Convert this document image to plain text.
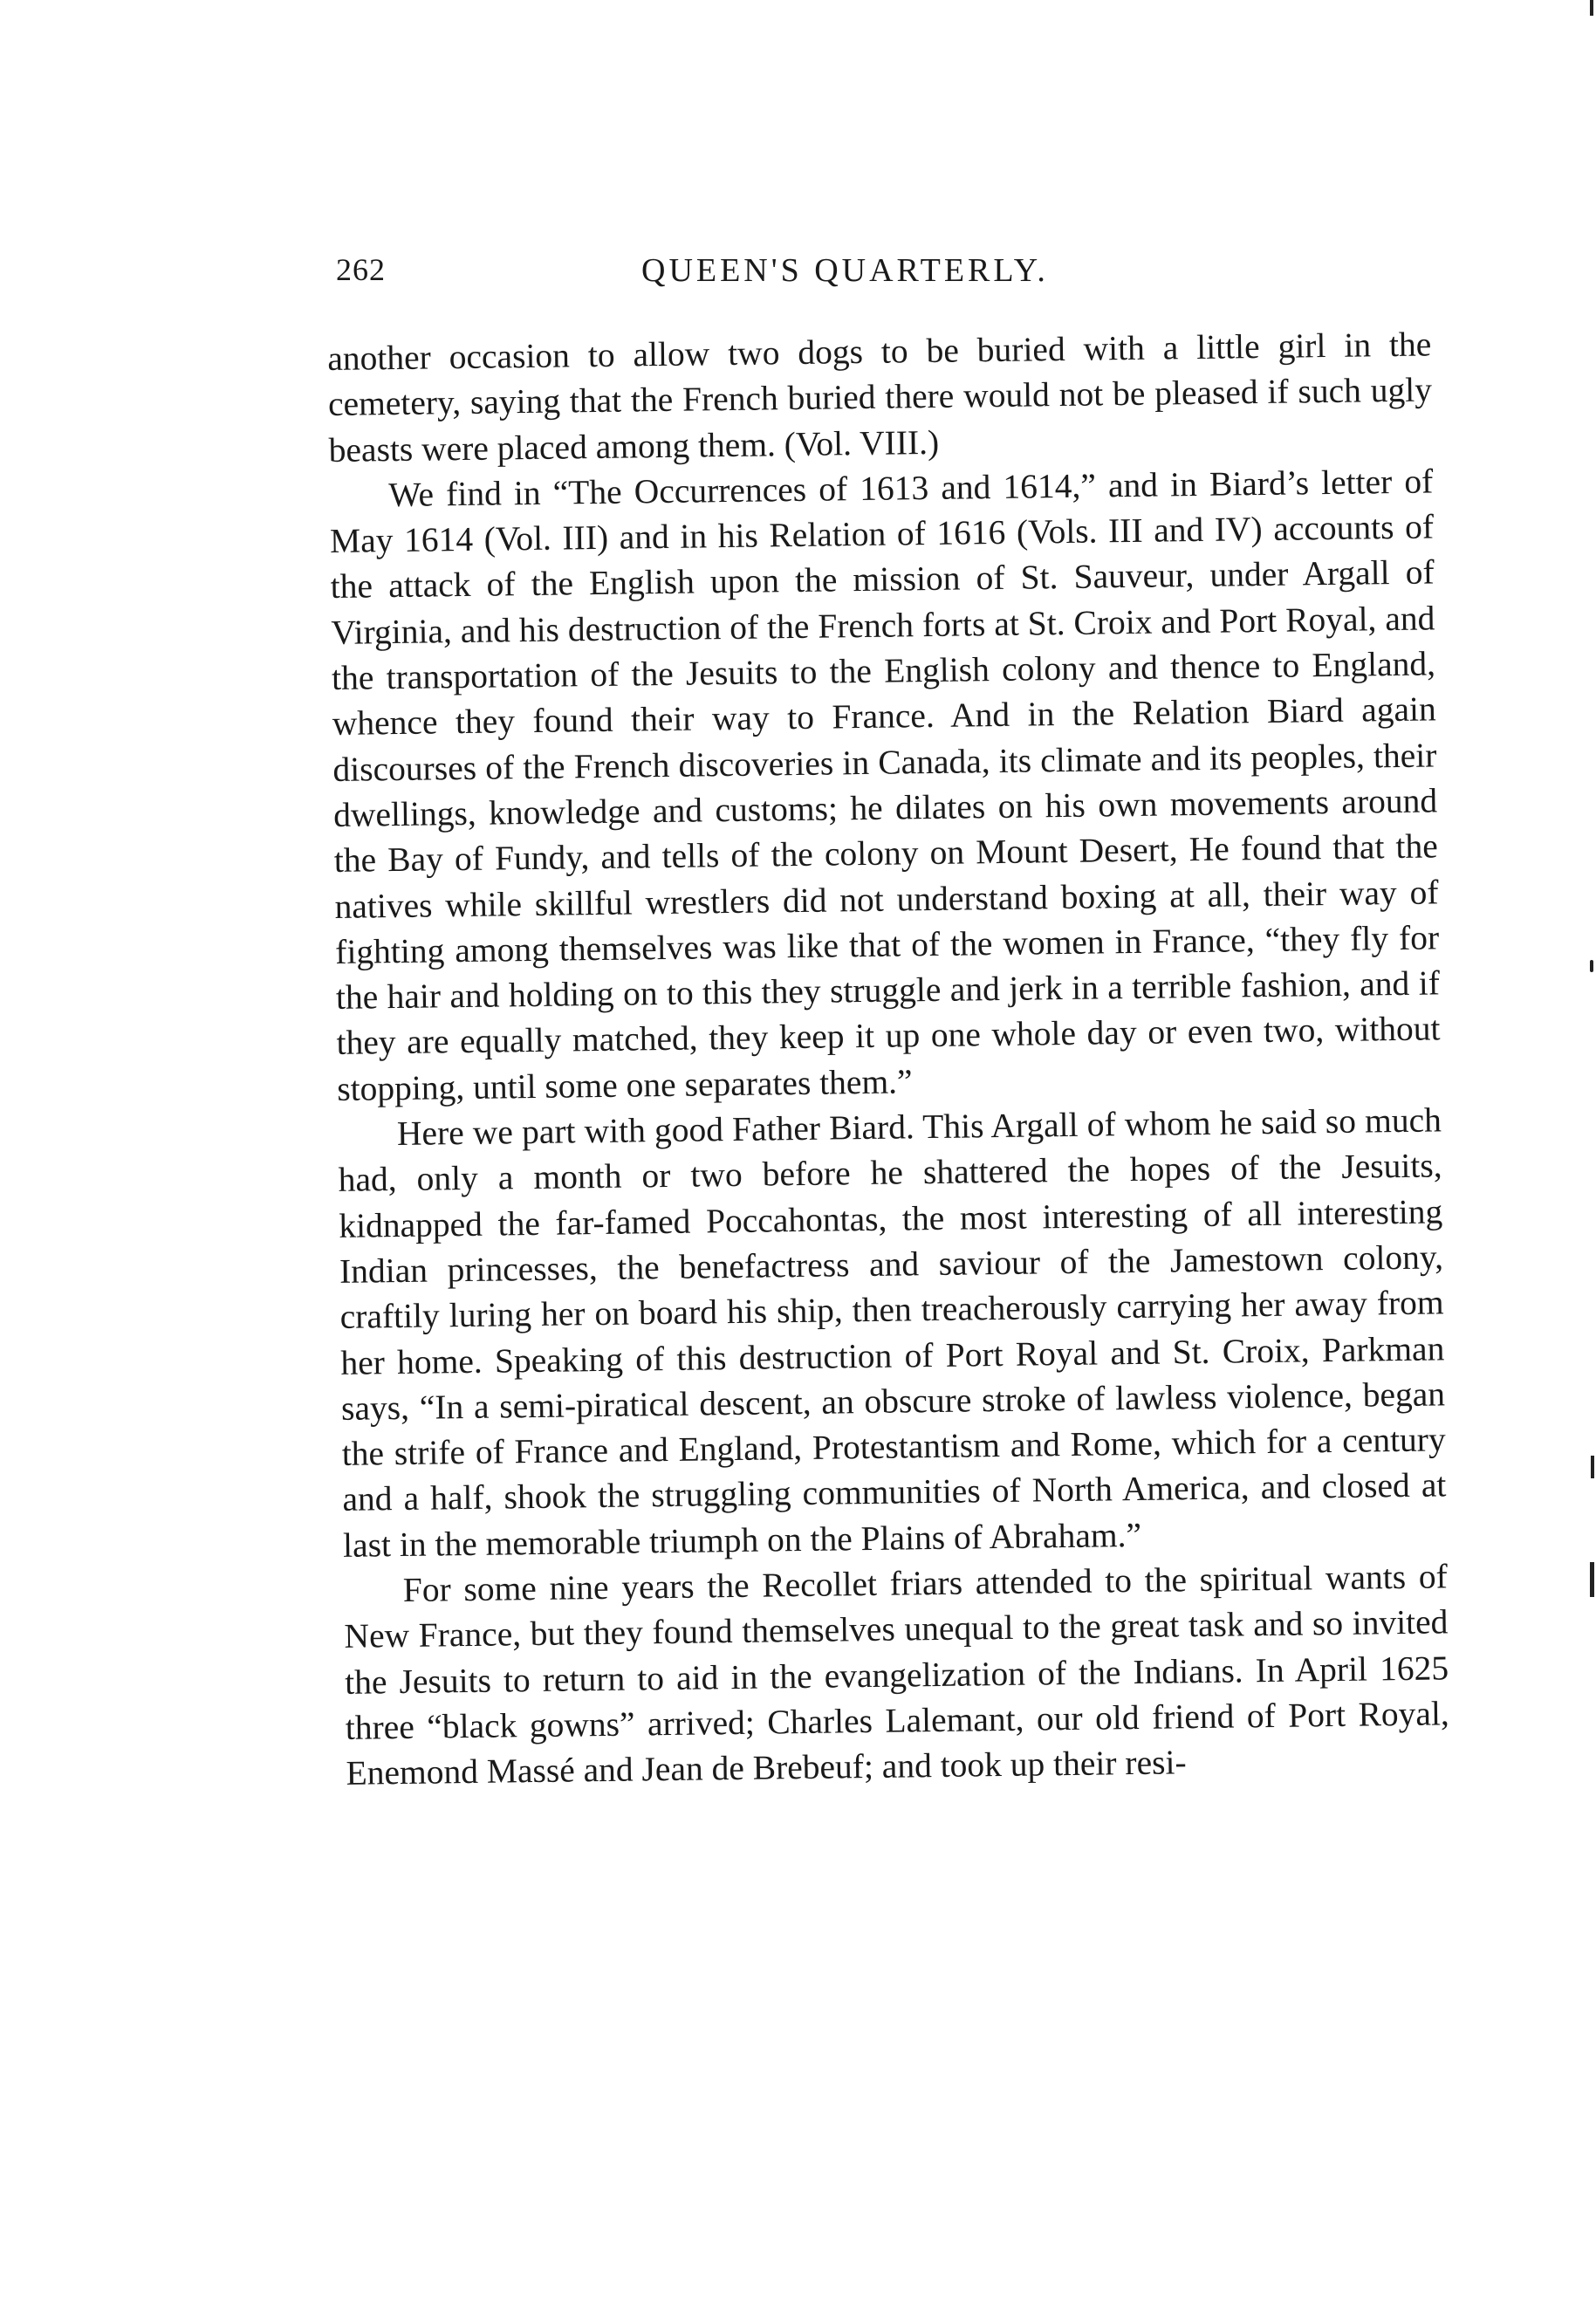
262	QUEEN'S QUARTERLY.

another occasion to allow two dogs to be buried with a little girl in the cemetery, saying that the French buried there would not be pleased if such ugly beasts were placed among them. (Vol. VIII.)

We find in “The Occurrences of 1613 and 1614,” and in Biard’s letter of May 1614 (Vol. III) and in his Relation of 1616 (Vols. III and IV) accounts of the attack of the English upon the mission of St. Sauveur, under Argall of Virginia, and his destruction of the French forts at St. Croix and Port Royal, and the transportation of the Jesuits to the English colony and thence to England, whence they found their way to France. And in the Relation Biard again discourses of the French discoveries in Canada, its climate and its peoples, their dwellings, knowledge and customs; he dilates on his own movements around the Bay of Fundy, and tells of the colony on Mount Desert, He found that the natives while skillful wrestlers did not understand boxing at all, their way of fighting among themselves was like that of the women in France, “they fly for the hair and holding on to this they struggle and jerk in a terrible fashion, and if they are equally matched, they keep it up one whole day or even two, without stopping, until some one separates them.”

Here we part with good Father Biard. This Argall of whom he said so much had, only a month or two before he shattered the hopes of the Jesuits, kidnapped the far-famed Poccahontas, the most interesting of all interesting Indian princesses, the benefactress and saviour of the Jamestown colony, craftily luring her on board his ship, then treacherously carrying her away from her home. Speaking of this destruction of Port Royal and St. Croix, Parkman says, “In a semi-piratical descent, an obscure stroke of lawless violence, began the strife of France and England, Protestantism and Rome, which for a century and a half, shook the struggling communities of North America, and closed at last in the memorable triumph on the Plains of Abraham.”

For some nine years the Recollet friars attended to the spiritual wants of New France, but they found themselves unequal to the great task and so invited the Jesuits to return to aid in the evangelization of the Indians. In April 1625 three “black gowns” arrived; Charles Lalemant, our old friend of Port Royal, Enemond Massé and Jean de Brebeuf; and took up their resi-
